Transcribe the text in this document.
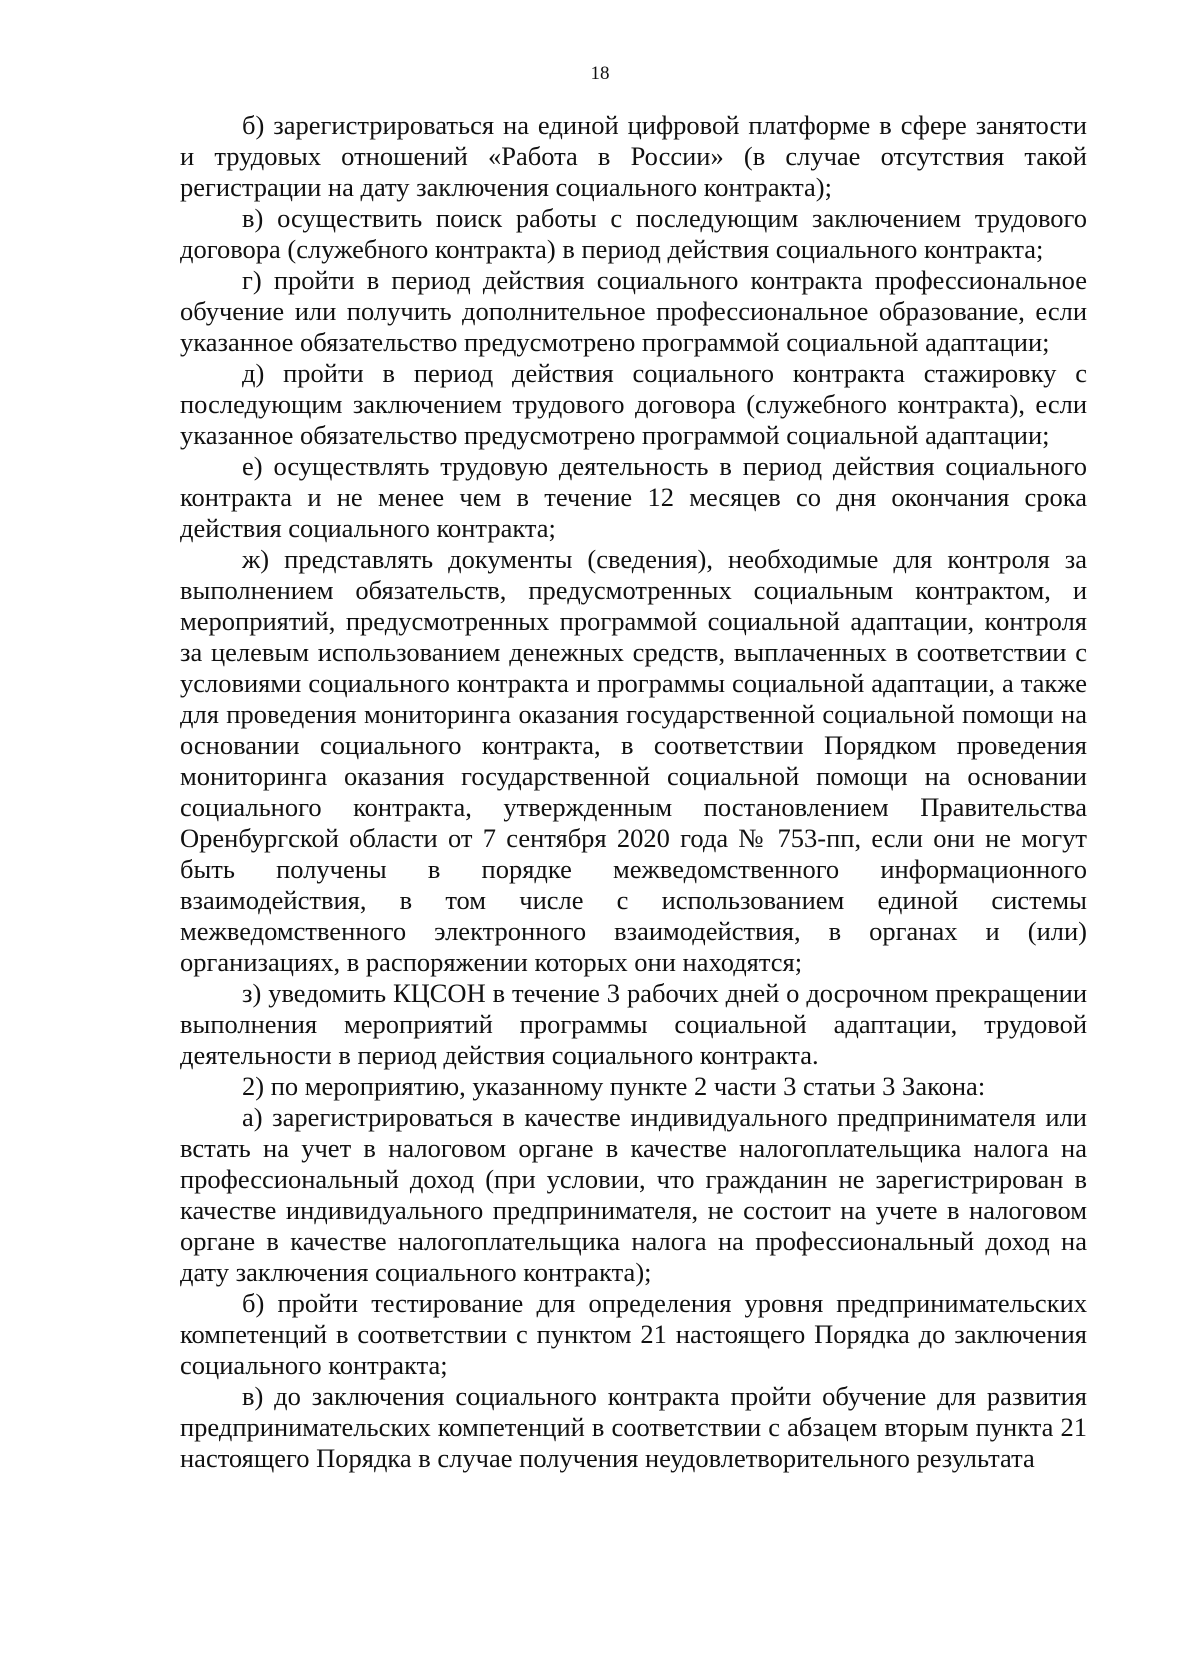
18

б) зарегистрироваться на единой цифровой платформе в сфере занятости и трудовых отношений «Работа в России» (в случае отсутствия такой регистрации на дату заключения социального контракта);

в) осуществить поиск работы с последующим заключением трудового договора (служебного контракта) в период действия социального контракта;

г) пройти в период действия социального контракта профессиональное обучение или получить дополнительное профессиональное образование, если указанное обязательство предусмотрено программой социальной адаптации;

д) пройти в период действия социального контракта стажировку с последующим заключением трудового договора (служебного контракта), если указанное обязательство предусмотрено программой социальной адаптации;

е) осуществлять трудовую деятельность в период действия социального контракта и не менее чем в течение 12 месяцев со дня окончания срока действия социального контракта;

ж) представлять документы (сведения), необходимые для контроля за выполнением обязательств, предусмотренных социальным контрактом, и мероприятий, предусмотренных программой социальной адаптации, контроля за целевым использованием денежных средств, выплаченных в соответствии с условиями социального контракта и программы социальной адаптации, а также для проведения мониторинга оказания государственной социальной помощи на основании социального контракта, в соответствии Порядком проведения мониторинга оказания государственной социальной помощи на основании социального контракта, утвержденным постановлением Правительства Оренбургской области от 7 сентября 2020 года № 753-пп, если они не могут быть получены в порядке межведомственного информационного взаимодействия, в том числе с использованием единой системы межведомственного электронного взаимодействия, в органах и (или) организациях, в распоряжении которых они находятся;

з) уведомить КЦСОН в течение 3 рабочих дней о досрочном прекращении выполнения мероприятий программы социальной адаптации, трудовой деятельности в период действия социального контракта.

2) по мероприятию, указанному пункте 2 части 3 статьи 3 Закона:

а) зарегистрироваться в качестве индивидуального предпринимателя или встать на учет в налоговом органе в качестве налогоплательщика налога на профессиональный доход (при условии, что гражданин не зарегистрирован в качестве индивидуального предпринимателя, не состоит на учете в налоговом органе в качестве налогоплательщика налога на профессиональный доход на дату заключения социального контракта);

б) пройти тестирование для определения уровня предпринимательских компетенций в соответствии с пунктом 21 настоящего Порядка до заключения социального контракта;

в) до заключения социального контракта пройти обучение для развития предпринимательских компетенций в соответствии с абзацем вторым пункта 21 настоящего Порядка в случае получения неудовлетворительного результата
